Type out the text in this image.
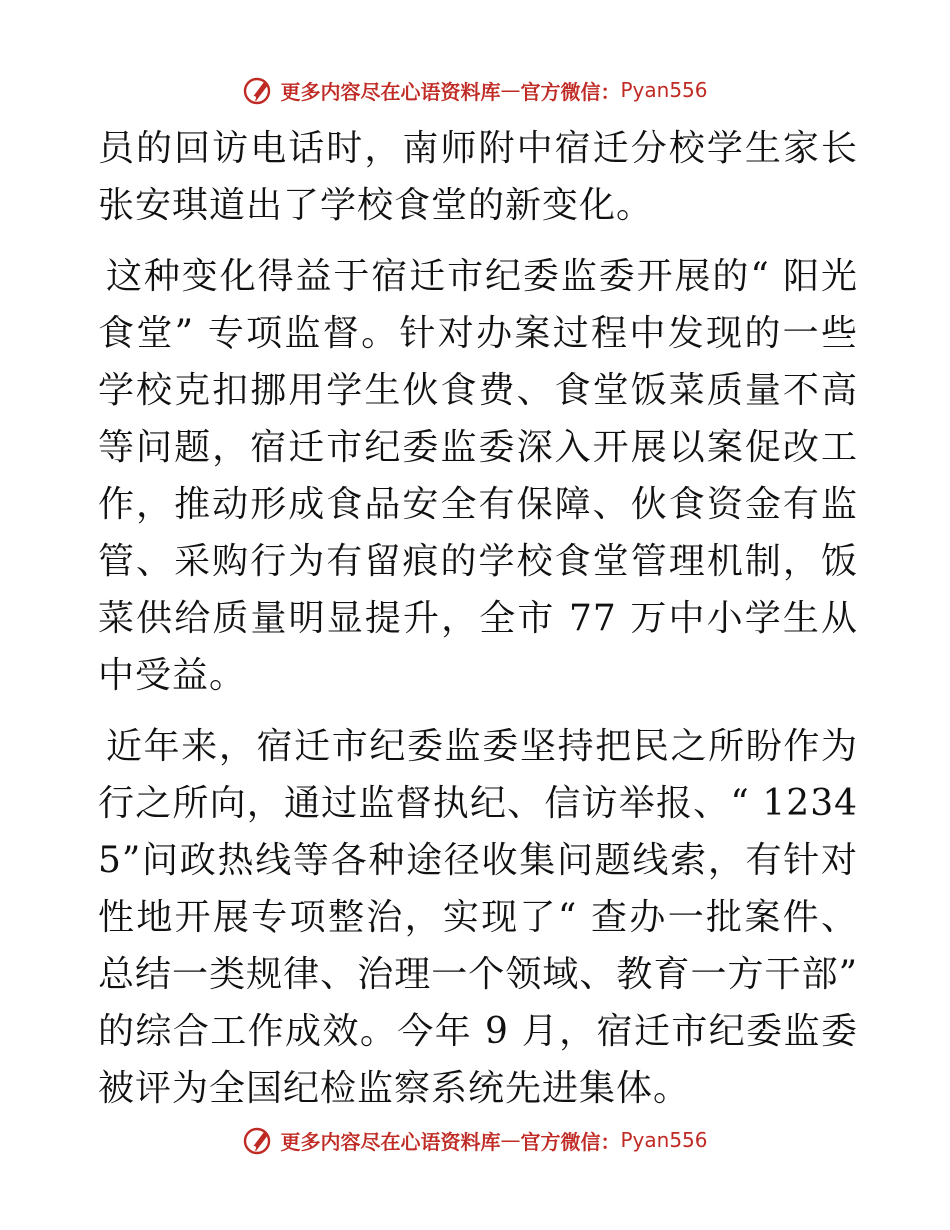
更多内容尽在心语资料库 — 官方微信： Pyan556

员的回访电话时，南师附中宿迁分校学生家长张安琪道出了学校食堂的新变化。

这种变化得益于宿迁市纪委监委开展的“ 阳光食堂” 专项监督。针对办案过程中发现的一些学校克扣挪用学生伙食费、食堂饭菜质量不高等问题，宿迁市纪委监委深入开展以案促改工作，推动形成食品安全有保障、伙食资金有监管、采购行为有留痕的学校食堂管理机制，饭菜供给质量明显提升，全市 77 万中小学生从中受益。

近年来，宿迁市纪委监委坚持把民之所盼作为行之所向，通过监督执纪、信访举报、“ 12345”问政热线等各种途径收集问题线索，有针对性地开展专项整治，实现了“ 查办一批案件、总结一类规律、治理一个领域、教育一方干部” 的综合工作成效。今年 9 月，宿迁市纪委监委被评为全国纪检监察系统先进集体。

更多内容尽在心语资料库 — 官方微信： Pyan556
